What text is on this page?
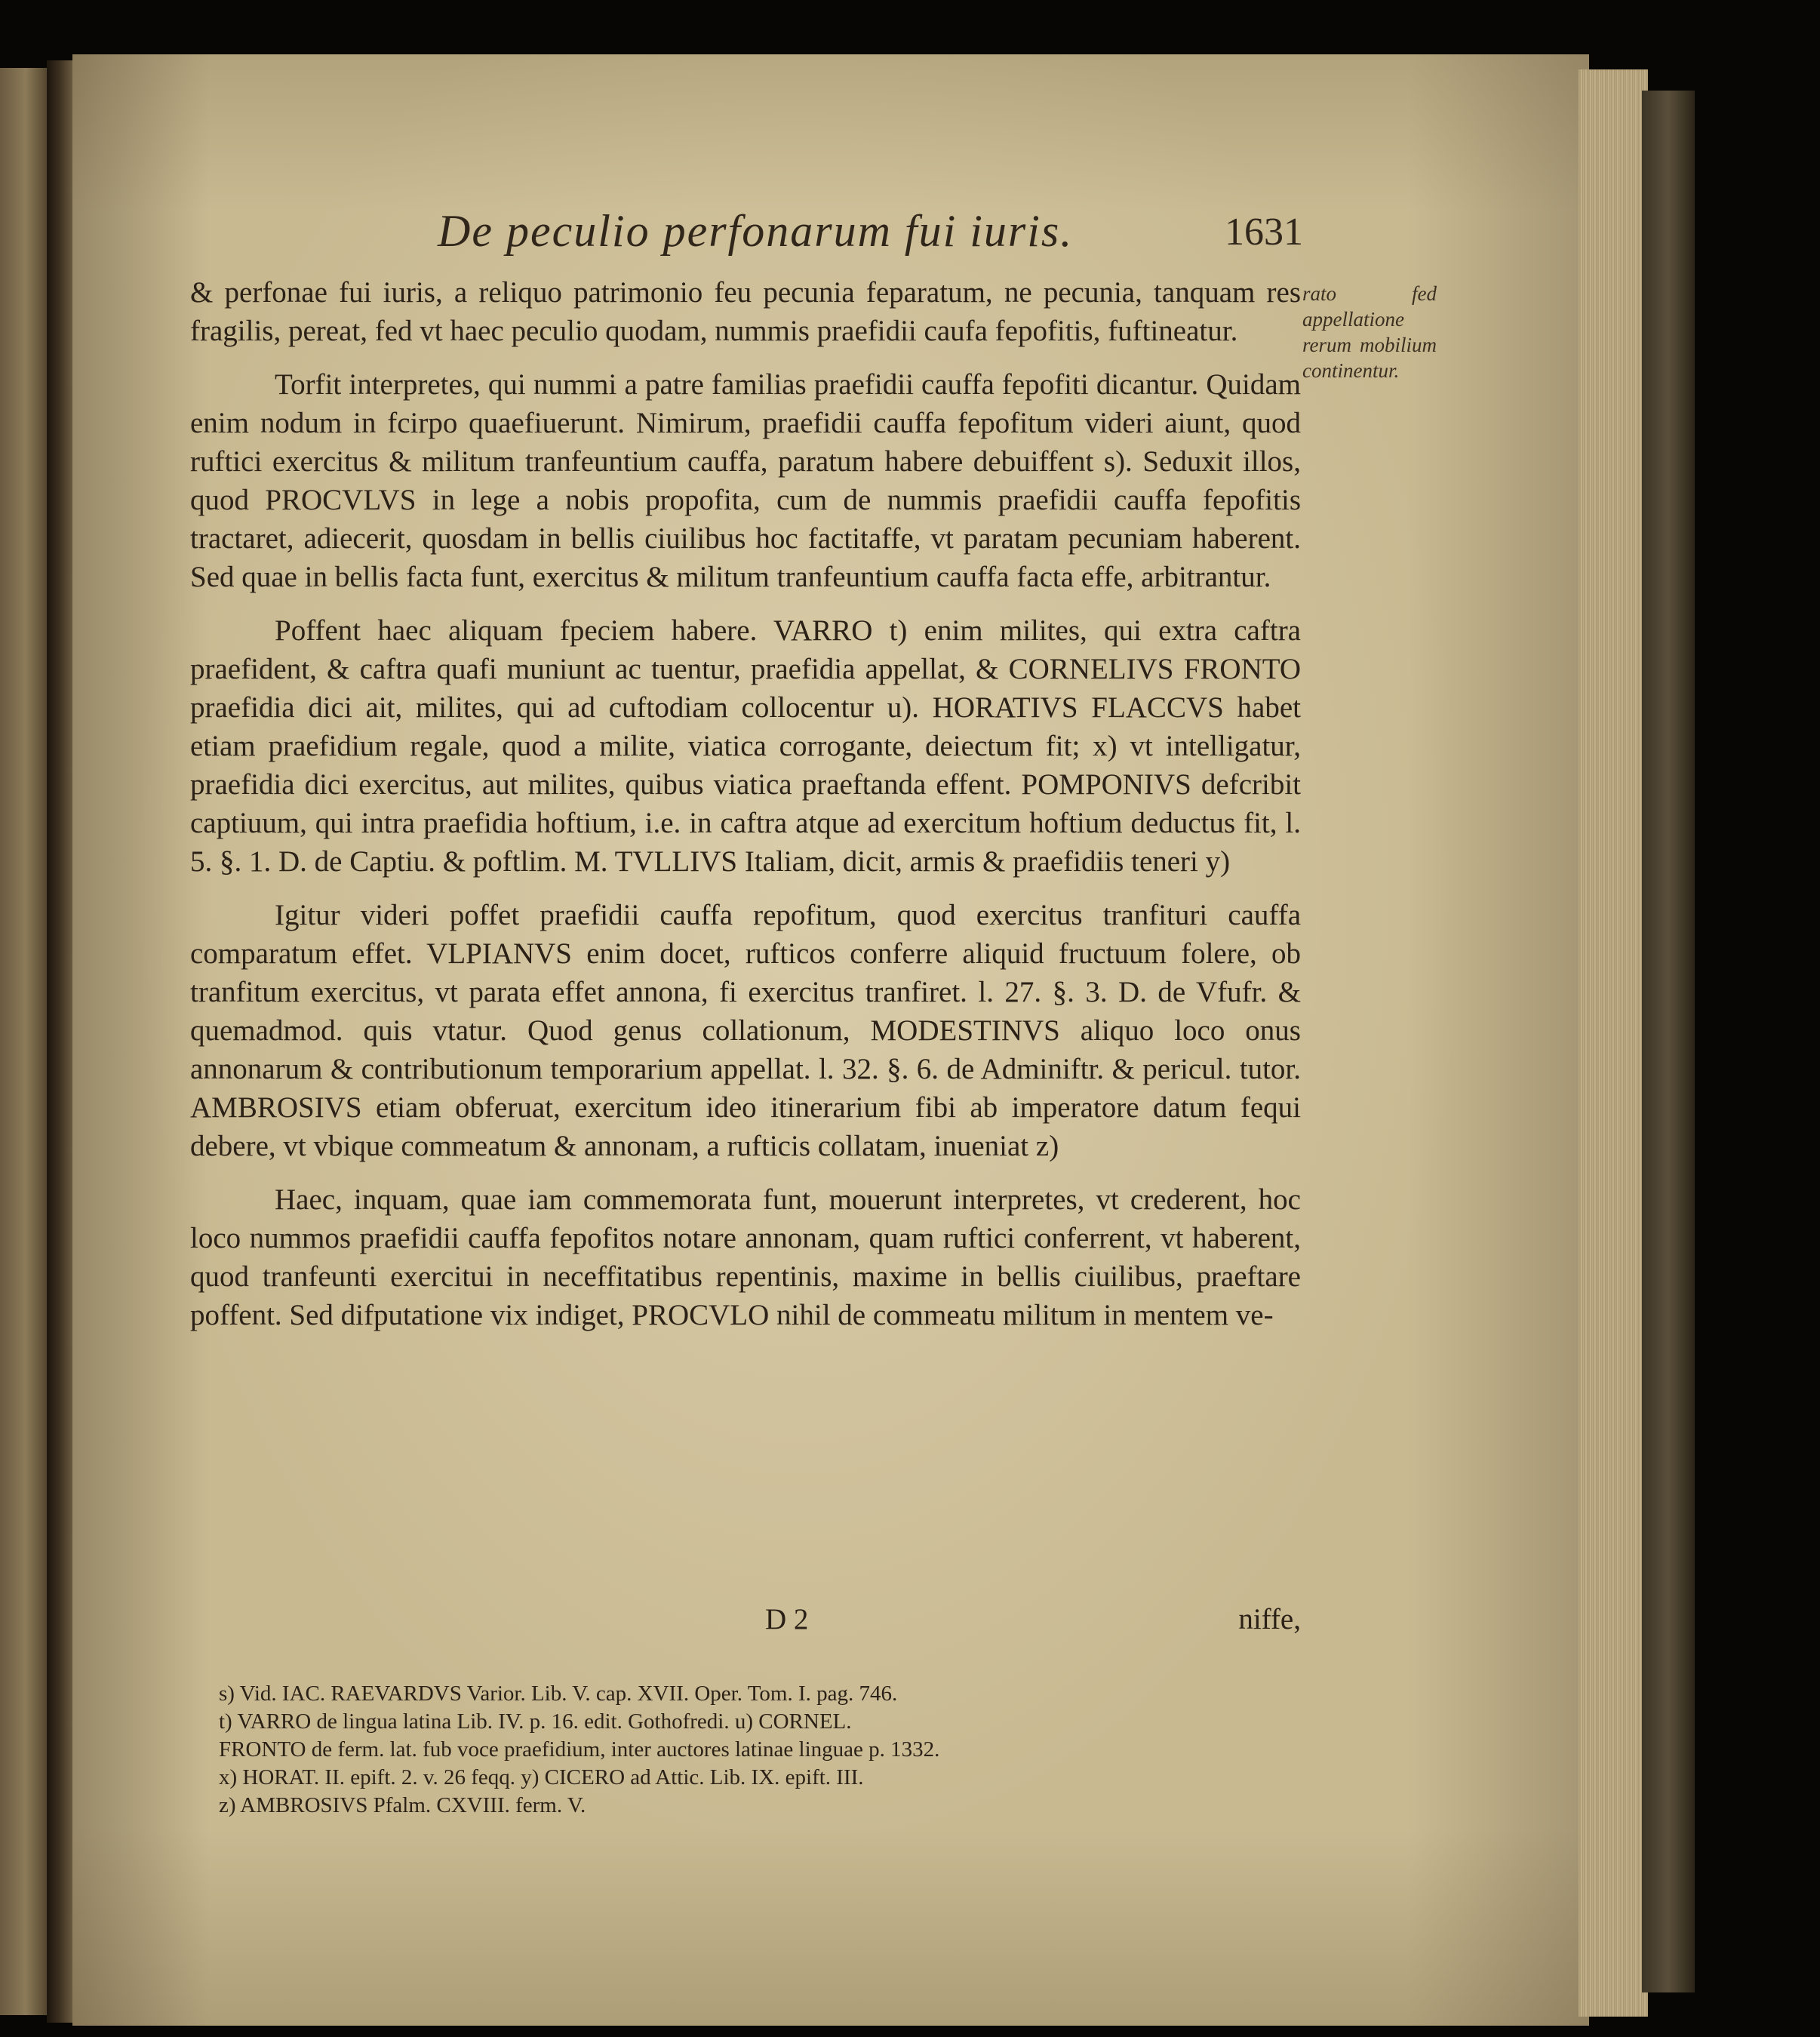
De peculio perfonarum fui iuris.	1631

& perfonae fui iuris, a reliquo patrimonio feu pecunia feparatum, ne pecunia, tanquam res fragilis, pereat, fed vt haec peculio quodam, nummis praefidii caufa fepofitis, fuftineatur.

Torfit interpretes, qui nummi a patre familias praefidii cauffa fepofiti dicantur. Quidam enim nodum in fcirpo quaefiuerunt. Nimirum, praefidii cauffa fepofitum videri aiunt, quod ruftici exercitus & militum tranfeuntium cauffa, paratum habere debuiffent s). Seduxit illos, quod PROCVLVS in lege a nobis propofita, cum de nummis praefidii cauffa fepofitis tractaret, adiecerit, quosdam in bellis ciuilibus hoc factitaffe, vt paratam pecuniam haberent. Sed quae in bellis facta funt, exercitus & militum tranfeuntium cauffa facta effe, arbitrantur.

Poffent haec aliquam fpeciem habere. VARRO t) enim milites, qui extra caftra praefident, & caftra quafi muniunt ac tuentur, praefidia appellat, & CORNELIVS FRONTO praefidia dici ait, milites, qui ad cuftodiam collocentur u). HORATIVS FLACCVS habet etiam praefidium regale, quod a milite, viatica corrogante, deiectum fit; x) vt intelligatur, praefidia dici exercitus, aut milites, quibus viatica praeftanda effent. POMPONIVS defcribit captiuum, qui intra praefidia hoftium, i.e. in caftra atque ad exercitum hoftium deductus fit, l. 5. §. 1. D. de Captiu. & poftlim. M. TVLLIVS Italiam, dicit, armis & praefidiis teneri y)

Igitur videri poffet praefidii cauffa repofitum, quod exercitus tranfituri cauffa comparatum effet. VLPIANVS enim docet, rufticos conferre aliquid fructuum folere, ob tranfitum exercitus, vt parata effet annona, fi exercitus tranfiret. l. 27. §. 3. D. de Vfufr. & quemadmod. quis vtatur. Quod genus collationum, MODESTINVS aliquo loco onus annonarum & contributionum temporarium appellat. l. 32. §. 6. de Adminiftr. & pericul. tutor. AMBROSIVS etiam obferuat, exercitum ideo itinerarium fibi ab imperatore datum fequi debere, vt vbique commeatum & annonam, a rufticis collatam, inueniat z)

Haec, inquam, quae iam commemorata funt, mouerunt interpretes, vt crederent, hoc loco nummos praefidii cauffa fepofitos notare annonam, quam ruftici conferrent, vt haberent, quod tranfeunti exercitui in neceffitatibus repentinis, maxime in bellis ciuilibus, praeftare poffent. Sed difputatione vix indiget, PROCVLO nihil de commeatu militum in mentem ve-

rato fed appellatione rerum mobilium continentur.
D 2	niffe,
s) Vid. IAC. RAEVARDVS Varior. Lib. V. cap. XVII. Oper. Tom. I. pag. 746.
t) VARRO de lingua latina Lib. IV. p. 16. edit. Gothofredi. u) CORNEL.
FRONTO de ferm. lat. fub voce praefidium, inter auctores latinae linguae p. 1332.
x) HORAT. II. epift. 2. v. 26 feqq. y) CICERO ad Attic. Lib. IX. epift. III.
z) AMBROSIVS Pfalm. CXVIII. ferm. V.
